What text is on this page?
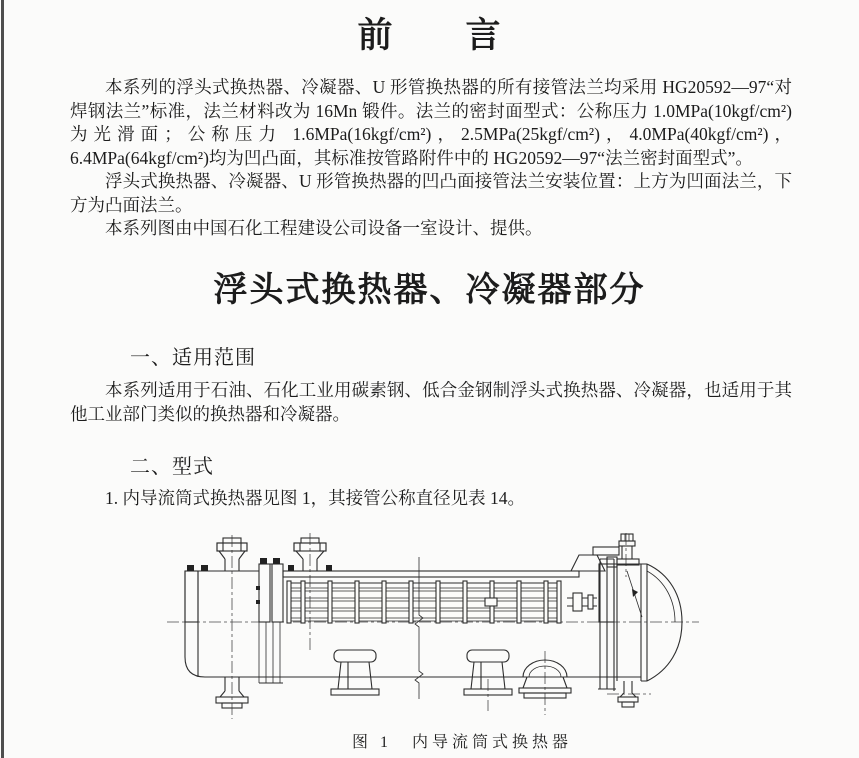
前　　言

本系列的浮头式换热器、冷凝器、U 形管换热器的所有接管法兰均采用 HG20592—97“对焊钢法兰”标准，法兰材料改为 16Mn 锻件。法兰的密封面型式：公称压力 1.0MPa(10kgf/cm²)为光滑面；公称压力 1.6MPa(16kgf/cm²)，2.5MPa(25kgf/cm²)，4.0MPa(40kgf/cm²)，6.4MPa(64kgf/cm²)均为凹凸面，其标准按管路附件中的 HG20592—97“法兰密封面型式”。

浮头式换热器、冷凝器、U 形管换热器的凹凸面接管法兰安装位置：上方为凹面法兰，下方为凸面法兰。

本系列图由中国石化工程建设公司设备一室设计、提供。

浮头式换热器、冷凝器部分
一、适用范围

本系列适用于石油、石化工业用碳素钢、低合金钢制浮头式换热器、冷凝器，也适用于其他工业部门类似的换热器和冷凝器。

二、型式

1. 内导流筒式换热器见图 1，其接管公称直径见表 14。

图 1　内导流筒式换热器
